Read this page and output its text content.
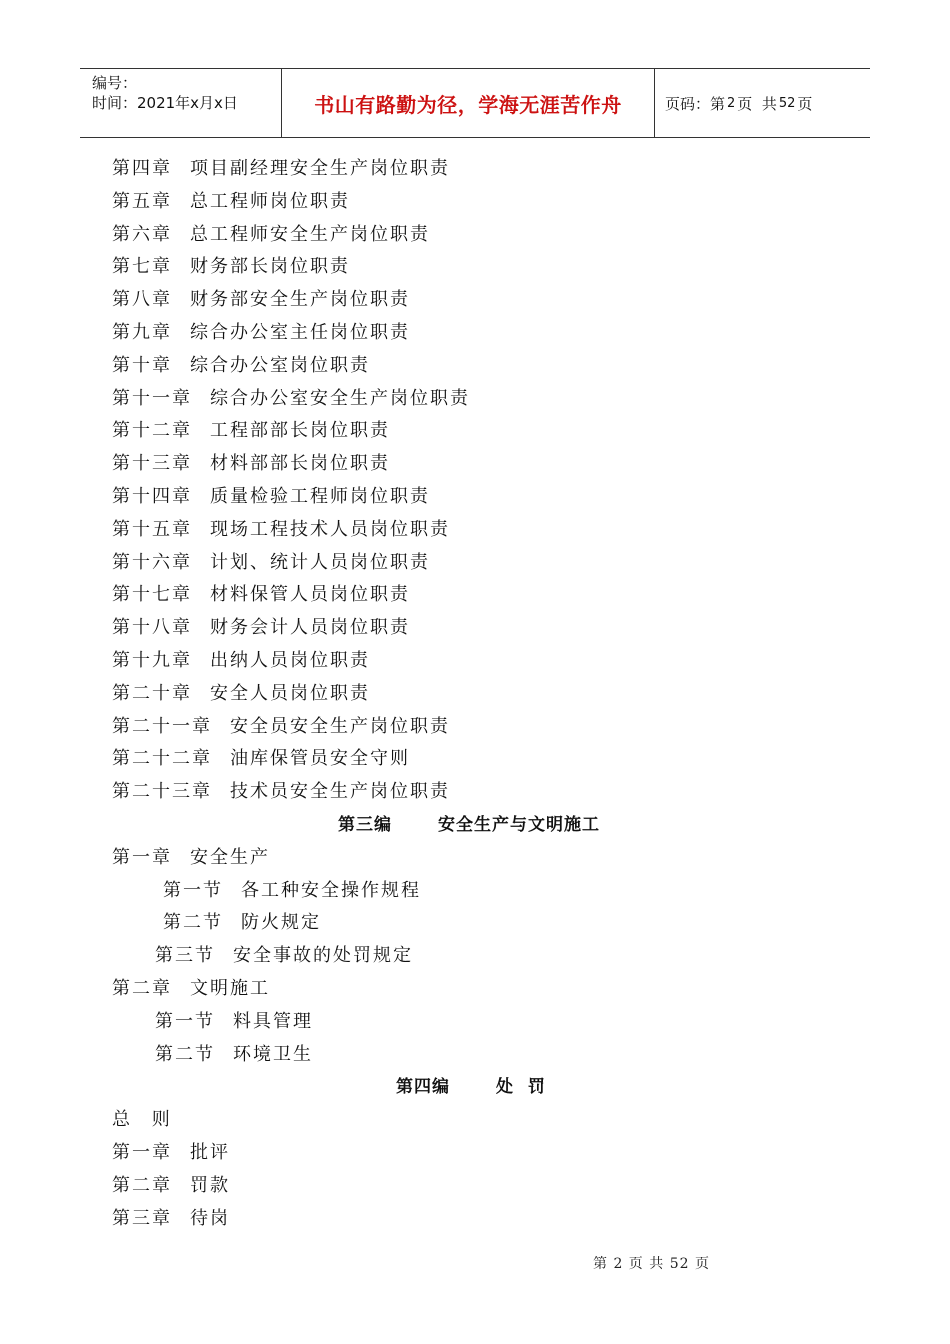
编号：
时间：2021年x月x日	书山有路勤为径，学海无涯苦作舟	页码：第 2 页  共 52 页
第四章 项目副经理安全生产岗位职责
第五章 总工程师岗位职责
第六章 总工程师安全生产岗位职责
第七章 财务部长岗位职责
第八章 财务部安全生产岗位职责
第九章 综合办公室主任岗位职责
第十章 综合办公室岗位职责
第十一章 综合办公室安全生产岗位职责
第十二章 工程部部长岗位职责
第十三章 材料部部长岗位职责
第十四章 质量检验工程师岗位职责
第十五章 现场工程技术人员岗位职责
第十六章 计划、统计人员岗位职责
第十七章 材料保管人员岗位职责
第十八章 财务会计人员岗位职责
第十九章 出纳人员岗位职责
第二十章 安全人员岗位职责
第二十一章 安全员安全生产岗位职责
第二十二章 油库保管员安全守则
第二十三章 技术员安全生产岗位职责
第三编	安全生产与文明施工
第一章 安全生产
第一节 各工种安全操作规程
第二节 防火规定
第三节 安全事故的处罚规定
第二章 文明施工
第一节 料具管理
第二节 环境卫生
第四编	处  罚
总 则
第一章 批评
第二章 罚款
第三章 待岗
第 2 页 共 52 页
